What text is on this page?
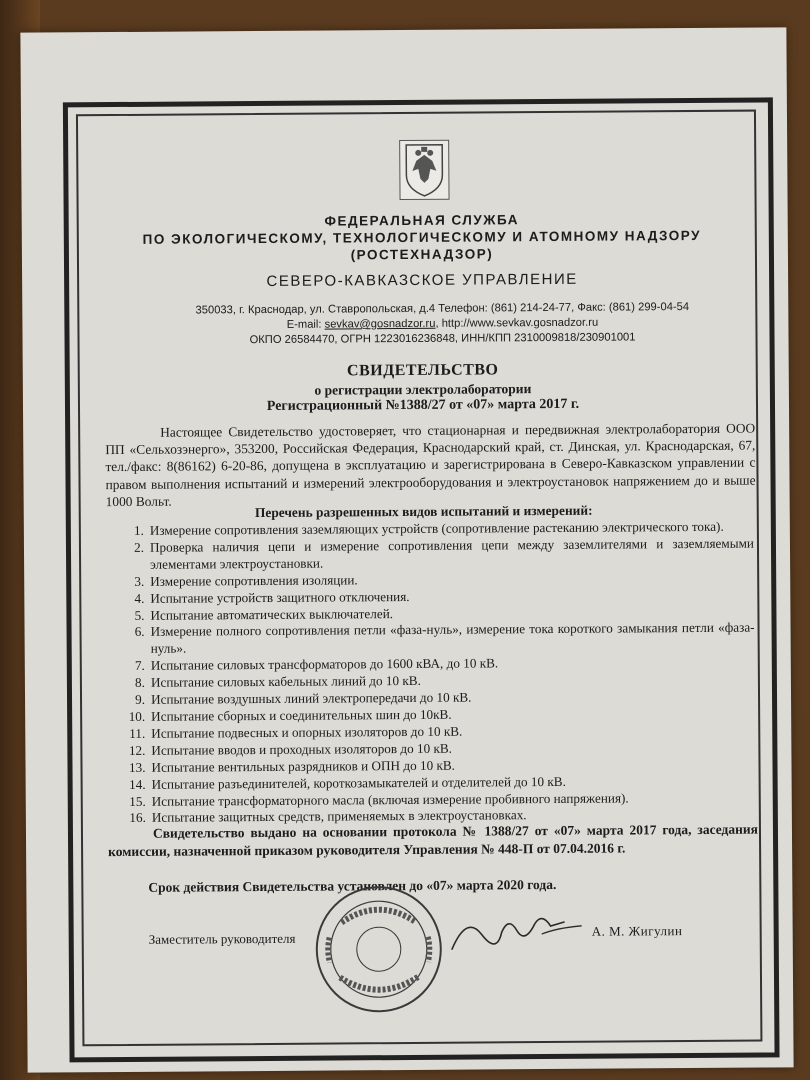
ФЕДЕРАЛЬНАЯ СЛУЖБА
ПО ЭКОЛОГИЧЕСКОМУ, ТЕХНОЛОГИЧЕСКОМУ И АТОМНОМУ НАДЗОРУ
(РОСТЕХНАДЗОР)
СЕВЕРО-КАВКАЗСКОЕ УПРАВЛЕНИЕ
350033, г. Краснодар, ул. Ставропольская, д.4 Телефон: (861) 214-24-77, Факс: (861) 299-04-54
E-mail: sevkav@gosnadzor.ru, http://www.sevkav.gosnadzor.ru
ОКПО 26584470, ОГРН 1223016236848, ИНН/КПП 2310009818/230901001
СВИДЕТЕЛЬСТВО
о регистрации электролаборатории
Регистрационный №1388/27 от «07» марта 2017 г.
Настоящее Свидетельство удостоверяет, что стационарная и передвижная электролаборатория ООО ПП «Сельхозэнерго», 353200, Российская Федерация, Краснодарский край, ст. Динская, ул. Краснодарская, 67, тел./факс: 8(86162) 6-20-86, допущена в эксплуатацию и зарегистрирована в Северо-Кавказском управлении с правом выполнения испытаний и измерений электрооборудования и электроустановок напряжением до и выше 1000 Вольт.
Перечень разрешенных видов испытаний и измерений:
1. Измерение сопротивления заземляющих устройств (сопротивление растеканию электрического тока).
2. Проверка наличия цепи и измерение сопротивления цепи между заземлителями и заземляемыми элементами электроустановки.
3. Измерение сопротивления изоляции.
4. Испытание устройств защитного отключения.
5. Испытание автоматических выключателей.
6. Измерение полного сопротивления петли «фаза-нуль», измерение тока короткого замыкания петли «фаза-нуль».
7. Испытание силовых трансформаторов до 1600 кВА, до 10 кВ.
8. Испытание силовых кабельных линий до 10 кВ.
9. Испытание воздушных линий электропередачи до 10 кВ.
10. Испытание сборных и соединительных шин до 10кВ.
11. Испытание подвесных и опорных изоляторов до 10 кВ.
12. Испытание вводов и проходных изоляторов до 10 кВ.
13. Испытание вентильных разрядников и ОПН до 10 кВ.
14. Испытание разъединителей, короткозамыкателей и отделителей до 10 кВ.
15. Испытание трансформаторного масла (включая измерение пробивного напряжения).
16. Испытание защитных средств, применяемых в электроустановках.
Свидетельство выдано на основании протокола № 1388/27 от «07» марта 2017 года, заседания комиссии, назначенной приказом руководителя Управления № 448-П от 07.04.2016 г.
Срок действия Свидетельства установлен до «07» марта 2020 года.
Заместитель руководителя	А. М. Жигулин
